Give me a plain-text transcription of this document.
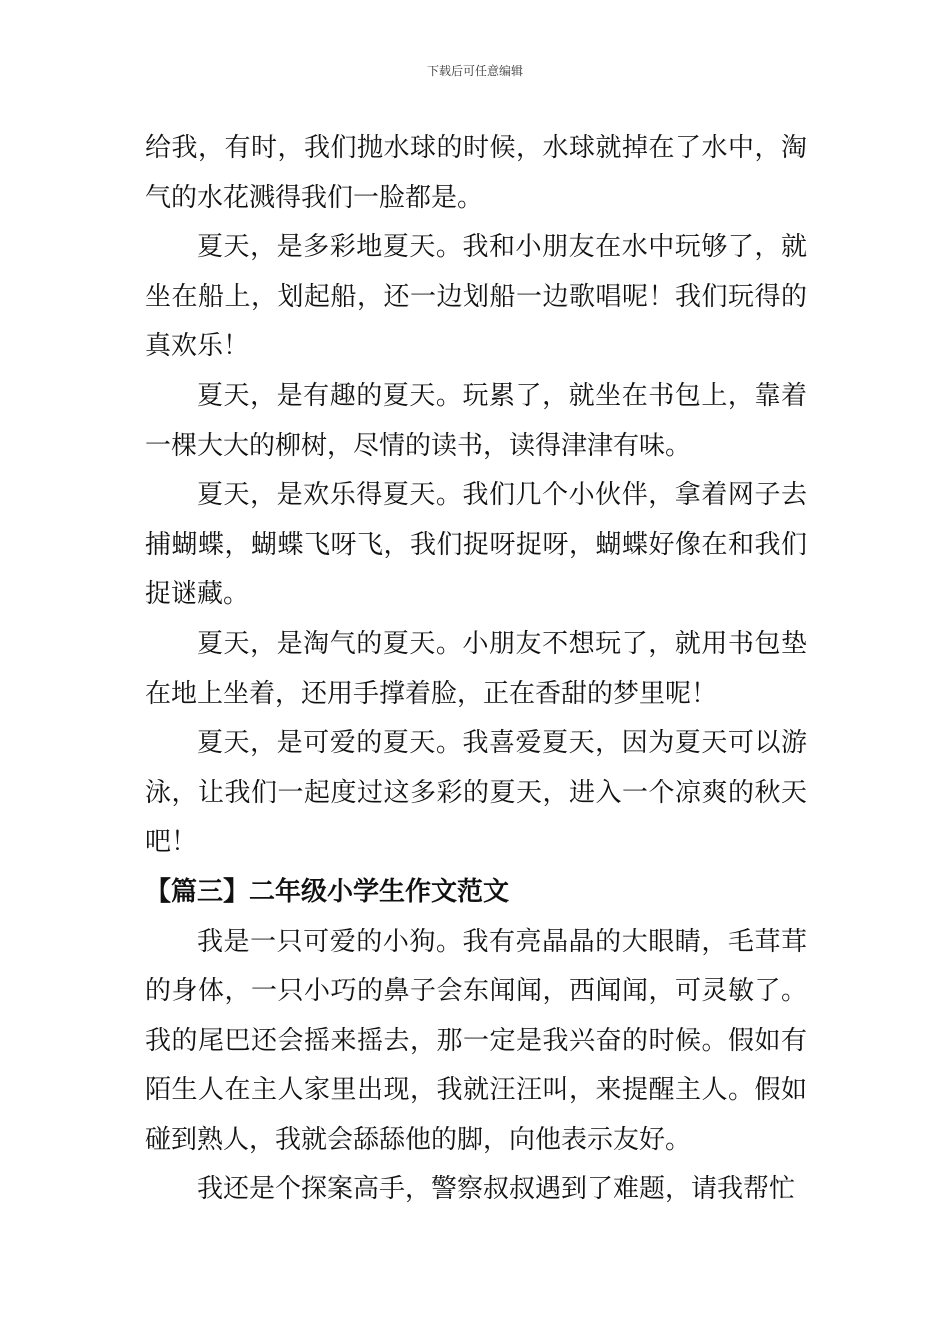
下载后可任意编辑

给我，有时，我们抛水球的时候，水球就掉在了水中，淘气的水花溅得我们一脸都是。

夏天，是多彩地夏天。我和小朋友在水中玩够了，就坐在船上，划起船，还一边划船一边歌唱呢！我们玩得的真欢乐！

夏天，是有趣的夏天。玩累了，就坐在书包上，靠着一棵大大的柳树，尽情的读书，读得津津有味。

夏天，是欢乐得夏天。我们几个小伙伴，拿着网子去捕蝴蝶，蝴蝶飞呀飞，我们捉呀捉呀，蝴蝶好像在和我们捉谜藏。

夏天，是淘气的夏天。小朋友不想玩了，就用书包垫在地上坐着，还用手撑着脸，正在香甜的梦里呢！

夏天，是可爱的夏天。我喜爱夏天，因为夏天可以游泳，让我们一起度过这多彩的夏天，进入一个凉爽的秋天吧！

【篇三】二年级小学生作文范文

我是一只可爱的小狗。我有亮晶晶的大眼睛，毛茸茸的身体，一只小巧的鼻子会东闻闻，西闻闻，可灵敏了。我的尾巴还会摇来摇去，那一定是我兴奋的时候。假如有陌生人在主人家里出现，我就汪汪叫，来提醒主人。假如碰到熟人，我就会舔舔他的脚，向他表示友好。

我还是个探案高手，警察叔叔遇到了难题，请我帮忙
